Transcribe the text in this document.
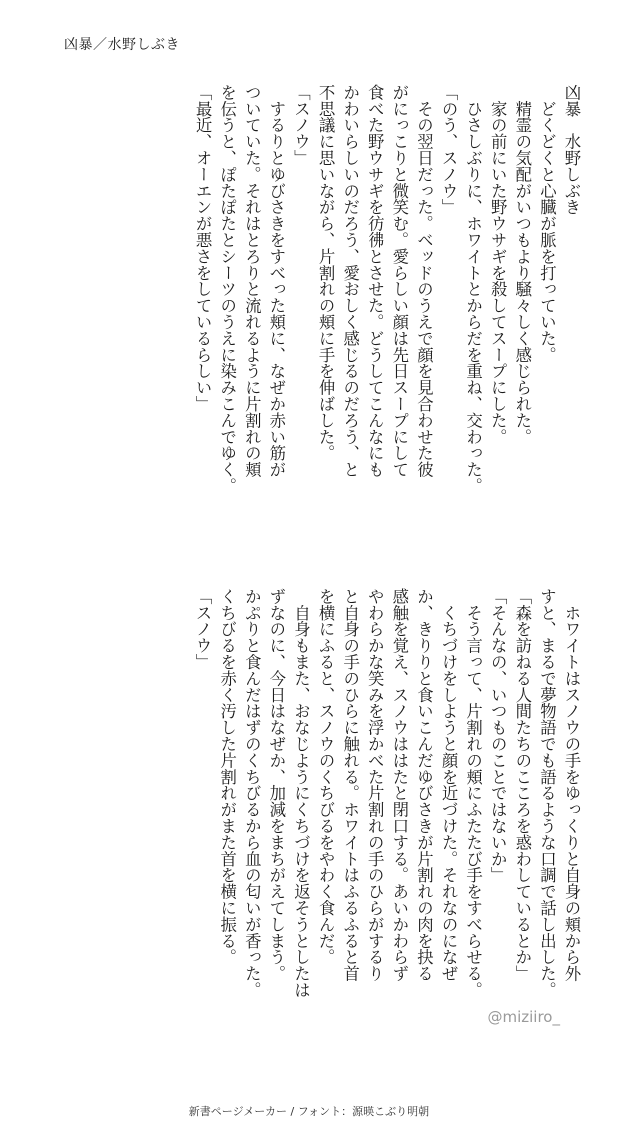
凶暴／水野しぶき
凶暴　水野しぶき
　どくどくと心臓が脈を打っていた。
　精霊の気配がいつもより騒々しく感じられた。
　家の前にいた野ウサギを殺してスープにした。
　ひさしぶりに、ホワイトとからだを重ね、交わった。
「のう、スノウ」
　その翌日だった。ベッドのうえで顔を見合わせた彼
がにっこりと微笑む。愛らしい顔は先日スープにして
食べた野ウサギを彷彿とさせた。どうしてこんなにも
かわいらしいのだろう、愛おしく感じるのだろう、と
不思議に思いながら、片割れの頬に手を伸ばした。
「スノウ」
　するりとゆびさきをすべった頬に、なぜか赤い筋が
ついていた。それはとろりと流れるように片割れの頬
を伝うと、ぽたぽたとシーツのうえに染みこんでゆく。
「最近、オーエンが悪さをしているらしい」
　ホワイトはスノウの手をゆっくりと自身の頬から外
すと、まるで夢物語でも語るような口調で話し出した。
「森を訪ねる人間たちのこころを惑わしているとか」
「そんなの、いつものことではないか」
　そう言って、片割れの頬にふたたび手をすべらせる。
　くちづけをしようと顔を近づけた。それなのになぜ
か、きりりと食いこんだゆびさきが片割れの肉を抉る
感触を覚え、スノウははたと閉口する。あいかわらず
やわらかな笑みを浮かべた片割れの手のひらがするり
と自身の手のひらに触れる。ホワイトはふるふると首
を横にふると、スノウのくちびるをやわく食んだ。
　自身もまた、おなじようにくちづけを返そうとしたは
ずなのに、今日はなぜか、加減をまちがえてしまう。
かぷりと食んだはずのくちびるから血の匂いが香った。
くちびるを赤く汚した片割れがまた首を横に振る。
「スノウ」
@miziiro_
新書ページメーカー / フォント：源暎こぶり明朝
